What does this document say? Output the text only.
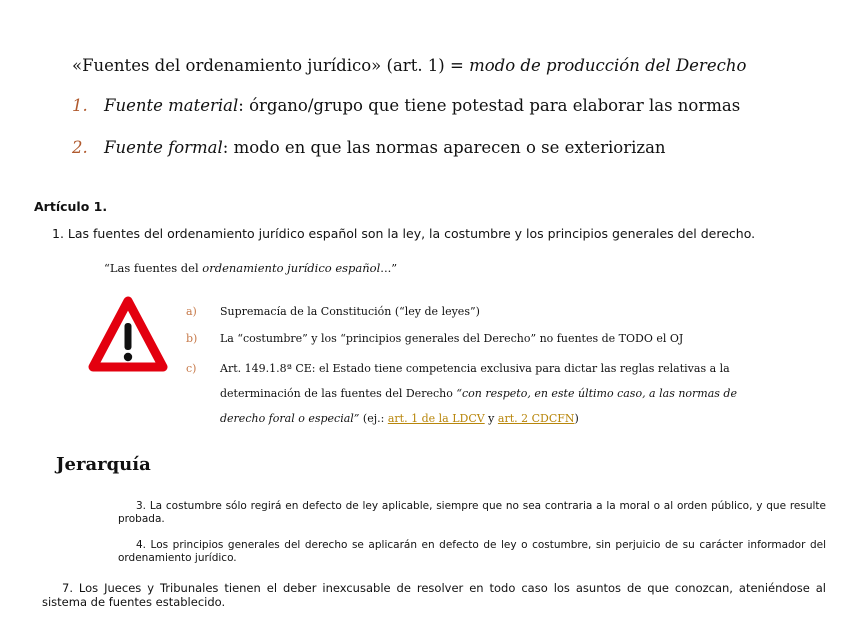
«Fuentes del ordenamiento jurídico» (art. 1) = modo de producción del Derecho
1. Fuente material: órgano/grupo que tiene potestad para elaborar las normas
2. Fuente formal: modo en que las normas aparecen o se exteriorizan
Artículo 1.
1. Las fuentes del ordenamiento jurídico español son la ley, la costumbre y los principios generales del derecho.
“Las fuentes del ordenamiento jurídico español...”
a) Supremacía de la Constitución (“ley de leyes”)
b) La “costumbre” y los “principios generales del Derecho” no fuentes de TODO el OJ
c) Art. 149.1.8ª CE: el Estado tiene competencia exclusiva para dictar las reglas relativas a la determinación de las fuentes del Derecho “con respeto, en este último caso, a las normas de derecho foral o especial” (ej.: art. 1 de la LDCV y art. 2 CDCFN)
Jerarquía
3. La costumbre sólo regirá en defecto de ley aplicable, siempre que no sea contraria a la moral o al orden público, y que resulte probada.
4. Los principios generales del derecho se aplicarán en defecto de ley o costumbre, sin perjuicio de su carácter informador del ordenamiento jurídico.
7. Los Jueces y Tribunales tienen el deber inexcusable de resolver en todo caso los asuntos de que conozcan, ateniéndose al sistema de fuentes establecido.
